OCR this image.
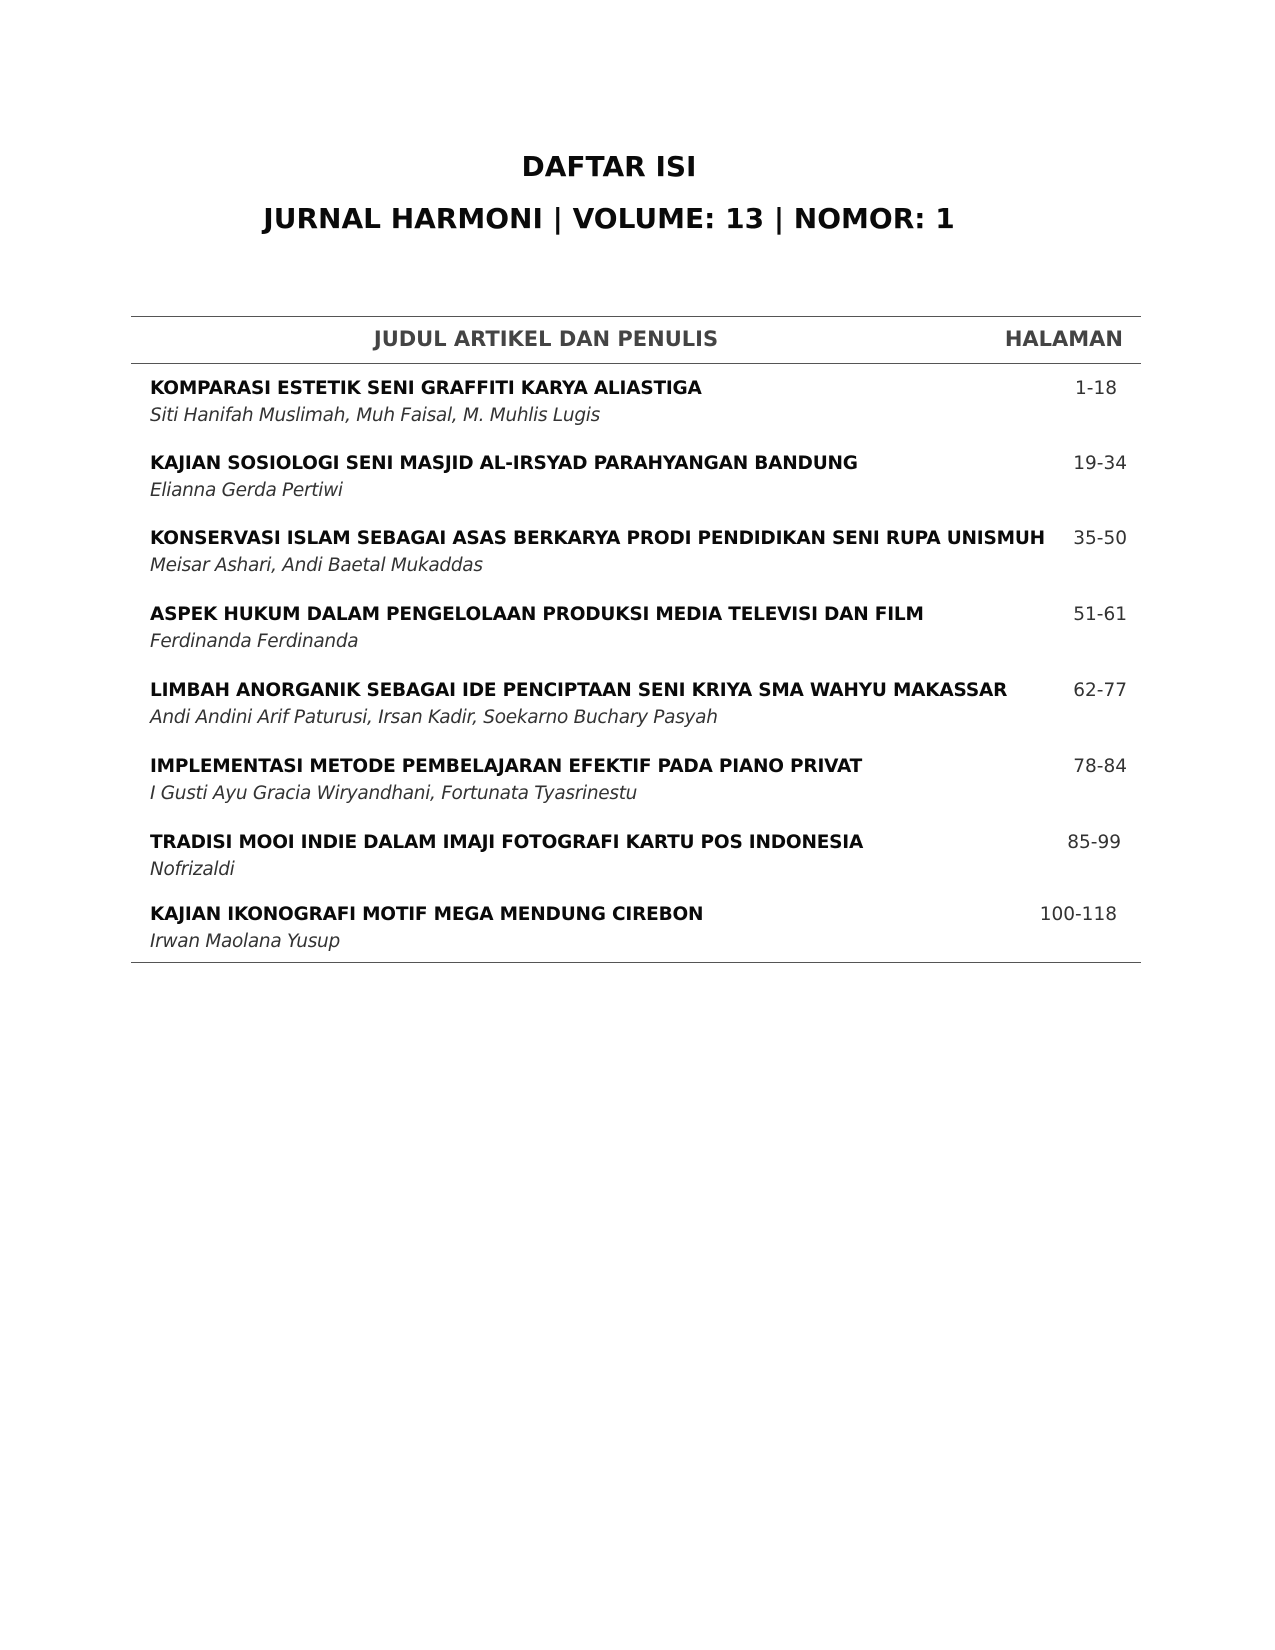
DAFTAR ISI
JURNAL HARMONI | VOLUME: 13 | NOMOR: 1
JUDUL ARTIKEL DAN PENULIS	HALAMAN
KOMPARASI ESTETIK SENI GRAFFITI KARYA ALIASTIGA
Siti Hanifah Muslimah, Muh Faisal, M. Muhlis Lugis
1-18
KAJIAN SOSIOLOGI SENI MASJID AL-IRSYAD PARAHYANGAN BANDUNG
Elianna Gerda Pertiwi
19-34
KONSERVASI ISLAM SEBAGAI ASAS BERKARYA PRODI PENDIDIKAN SENI RUPA UNISMUH
Meisar Ashari, Andi Baetal Mukaddas
35-50
ASPEK HUKUM DALAM PENGELOLAAN PRODUKSI MEDIA TELEVISI DAN FILM
Ferdinanda Ferdinanda
51-61
LIMBAH ANORGANIK SEBAGAI IDE PENCIPTAAN SENI KRIYA SMA WAHYU MAKASSAR
Andi Andini Arif Paturusi, Irsan Kadir, Soekarno Buchary Pasyah
62-77
IMPLEMENTASI METODE PEMBELAJARAN EFEKTIF PADA PIANO PRIVAT
I Gusti Ayu Gracia Wiryandhani, Fortunata Tyasrinestu
78-84
TRADISI MOOI INDIE DALAM IMAJI FOTOGRAFI KARTU POS INDONESIA
Nofrizaldi
85-99
KAJIAN IKONOGRAFI MOTIF MEGA MENDUNG CIREBON
Irwan Maolana Yusup
100-118
